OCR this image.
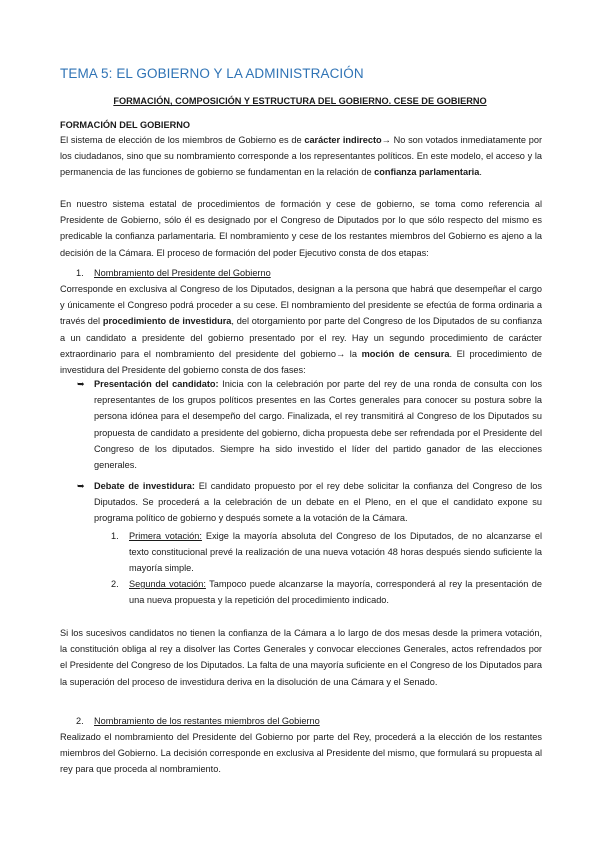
TEMA 5: EL GOBIERNO Y LA ADMINISTRACIÓN
FORMACIÓN, COMPOSICIÓN Y ESTRUCTURA DEL GOBIERNO. CESE DE GOBIERNO
FORMACIÓN DEL GOBIERNO

El sistema de elección de los miembros de Gobierno es de carácter indirecto→ No son votados inmediatamente por los ciudadanos, sino que su nombramiento corresponde a los representantes políticos. En este modelo, el acceso y la permanencia de las funciones de gobierno se fundamentan en la relación de confianza parlamentaria.

En nuestro sistema estatal de procedimientos de formación y cese de gobierno, se toma como referencia al Presidente de Gobierno, sólo él es designado por el Congreso de Diputados por lo que sólo respecto del mismo es predicable la confianza parlamentaria. El nombramiento y cese de los restantes miembros del Gobierno es ajeno a la decisión de la Cámara. El proceso de formación del poder Ejecutivo consta de dos etapas:

1. Nombramiento del Presidente del Gobierno

Corresponde en exclusiva al Congreso de los Diputados, designan a la persona que habrá que desempeñar el cargo y únicamente el Congreso podrá proceder a su cese. El nombramiento del presidente se efectúa de forma ordinaria a través del procedimiento de investidura, del otorgamiento por parte del Congreso de los Diputados de su confianza a un candidato a presidente del gobierno presentado por el rey. Hay un segundo procedimiento de carácter extraordinario para el nombramiento del presidente del gobierno→ la moción de censura. El procedimiento de investidura del Presidente del gobierno consta de dos fases:

➥ Presentación del candidato: Inicia con la celebración por parte del rey de una ronda de consulta con los representantes de los grupos políticos presentes en las Cortes generales para conocer su postura sobre la persona idónea para el desempeño del cargo. Finalizada, el rey transmitirá al Congreso de los Diputados su propuesta de candidato a presidente del gobierno, dicha propuesta debe ser refrendada por el Presidente del Congreso de los diputados. Siempre ha sido investido el líder del partido ganador de las elecciones generales.

➥ Debate de investidura: El candidato propuesto por el rey debe solicitar la confianza del Congreso de los Diputados. Se procederá a la celebración de un debate en el Pleno, en el que el candidato expone su programa político de gobierno y después somete a la votación de la Cámara.

1. Primera votación: Exige la mayoría absoluta del Congreso de los Diputados, de no alcanzarse el texto constitucional prevé la realización de una nueva votación 48 horas después siendo suficiente la mayoría simple.

2. Segunda votación: Tampoco puede alcanzarse la mayoría, corresponderá al rey la presentación de una nueva propuesta y la repetición del procedimiento indicado.

Si los sucesivos candidatos no tienen la confianza de la Cámara a lo largo de dos mesas desde la primera votación, la constitución obliga al rey a disolver las Cortes Generales y convocar elecciones Generales, actos refrendados por el Presidente del Congreso de los Diputados. La falta de una mayoría suficiente en el Congreso de los Diputados para la superación del proceso de investidura deriva en la disolución de una Cámara y el Senado.

2. Nombramiento de los restantes miembros del Gobierno

Realizado el nombramiento del Presidente del Gobierno por parte del Rey, procederá a la elección de los restantes miembros del Gobierno. La decisión corresponde en exclusiva al Presidente del mismo, que formulará su propuesta al rey para que proceda al nombramiento.
